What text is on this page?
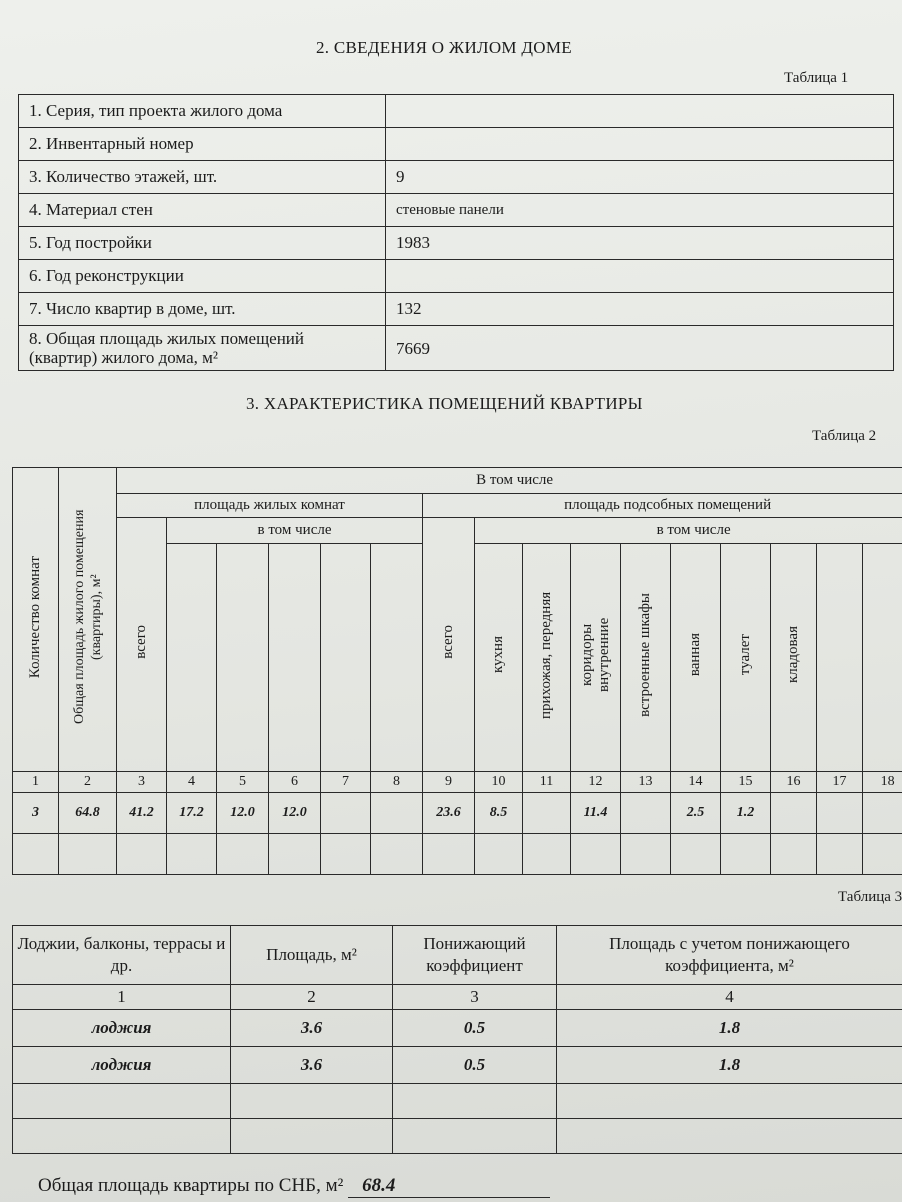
2. СВЕДЕНИЯ О ЖИЛОМ ДОМЕ
Таблица 1
1. Серия, тип проекта жилого дома	
2. Инвентарный номер	
3. Количество этажей, шт.	9
4. Материал стен	стеновые панели
5. Год постройки	1983
6. Год реконструкции	
7. Число квартир в доме, шт.	132
8. Общая площадь жилых помещений (квартир) жилого дома, м²	7669
3. ХАРАКТЕРИСТИКА ПОМЕЩЕНИЙ КВАРТИРЫ
Таблица 2
Количество комнат	Общая площадь жилого помещения (квартиры), м²	В том числе															
		площадь жилых комнат						площадь подсобных помещений									
		всего	в том числе					всего	в том числе								
									кухня	прихожая, передняя	коридоры внутренние	встроенные шкафы	ванная	туалет	кладовая		
1	2	3	4	5	6	7	8	9	10	11	12	13	14	15	16	17	18
3	64.8	41.2	17.2	12.0	12.0			23.6	8.5		11.4		2.5	1.2			

Таблица 3
Лоджии, балконы, террасы и др.	Площадь, м²	Понижающий коэффициент	Площадь с учетом понижающего коэффициента, м²
1	2	3	4
лоджия	3.6	0.5	1.8
лоджия	3.6	0.5	1.8

Общая площадь квартиры по СНБ, м² 68.4
